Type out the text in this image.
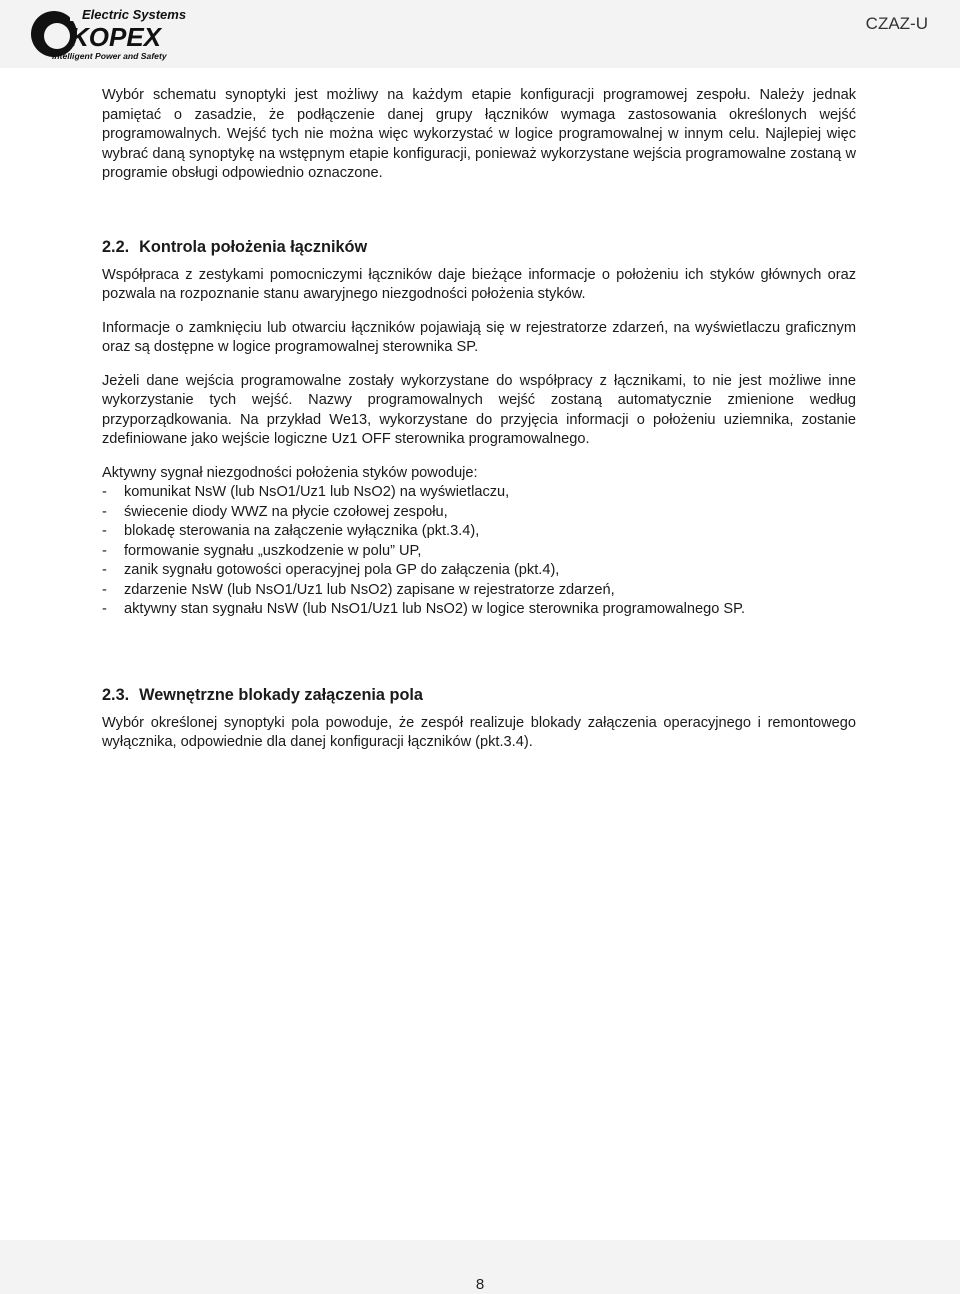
Electric Systems
KOPEX
Intelligent Power and Safety
CZAZ-U

Wybór schematu synoptyki jest możliwy na każdym etapie konfiguracji programowej zespołu. Należy jednak pamiętać o zasadzie, że podłączenie danej grupy łączników wymaga zastosowania określonych wejść programowalnych. Wejść tych nie można więc wykorzystać w logice programowalnej w innym celu. Najlepiej więc wybrać daną synoptykę na wstępnym etapie konfiguracji, ponieważ wykorzystane wejścia programowalne zostaną w programie obsługi odpowiednio oznaczone.

2.2. Kontrola położenia łączników

Współpraca z zestykami pomocniczymi łączników daje bieżące informacje o położeniu ich styków głównych oraz pozwala na rozpoznanie stanu awaryjnego niezgodności położenia styków.

Informacje o zamknięciu lub otwarciu łączników pojawiają się w rejestratorze zdarzeń, na wyświetlaczu graficznym oraz są dostępne w logice programowalnej sterownika SP.

Jeżeli dane wejścia programowalne zostały wykorzystane do współpracy z łącznikami, to nie jest możliwe inne wykorzystanie tych wejść. Nazwy programowalnych wejść zostaną automatycznie zmienione według przyporządkowania. Na przykład We13, wykorzystane do przyjęcia informacji o położeniu uziemnika, zostanie zdefiniowane jako wejście logiczne Uz1 OFF sterownika programowalnego.

Aktywny sygnał niezgodności położenia styków powoduje:

- komunikat NsW (lub NsO1/Uz1 lub NsO2) na wyświetlaczu,
- świecenie diody WWZ na płycie czołowej zespołu,
- blokadę sterowania na załączenie wyłącznika (pkt.3.4),
- formowanie sygnału „uszkodzenie w polu” UP,
- zanik sygnału gotowości operacyjnej pola GP do załączenia (pkt.4),
- zdarzenie NsW (lub NsO1/Uz1 lub NsO2) zapisane w rejestratorze zdarzeń,
- aktywny stan sygnału NsW (lub NsO1/Uz1 lub NsO2) w logice sterownika programowalnego SP.
2.3. Wewnętrzne blokady załączenia pola

Wybór określonej synoptyki pola powoduje, że zespół realizuje blokady załączenia operacyjnego i remontowego wyłącznika, odpowiednie dla danej konfiguracji łączników (pkt.3.4).

8
